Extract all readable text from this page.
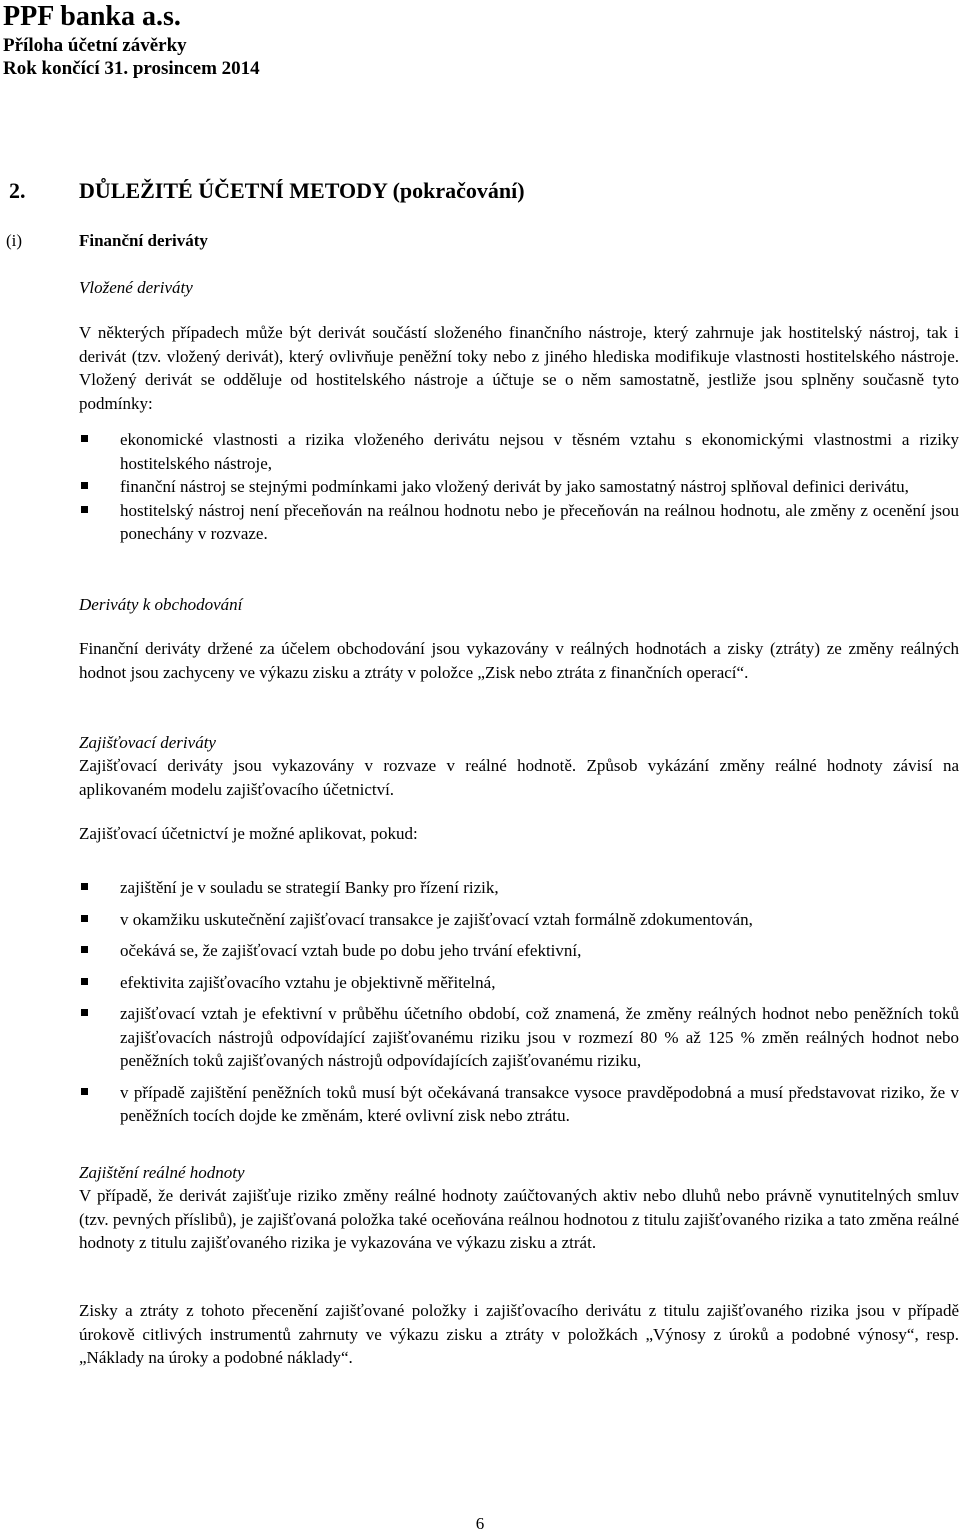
PPF banka a.s.
Příloha účetní závěrky
Rok končící 31. prosincem 2014
2. DŮLEŽITÉ ÚČETNÍ METODY (pokračování)
(i)	Finanční deriváty
Vložené deriváty

V některých případech může být derivát součástí složeného finančního nástroje, který zahrnuje jak hostitelský nástroj, tak i derivát (tzv. vložený derivát), který ovlivňuje peněžní toky nebo z jiného hlediska modifikuje vlastnosti hostitelského nástroje. Vložený derivát se odděluje od hostitelského nástroje a účtuje se o něm samostatně, jestliže jsou splněny současně tyto podmínky:

ekonomické vlastnosti a rizika vloženého derivátu nejsou v těsném vztahu s ekonomickými vlastnostmi a riziky hostitelského nástroje,
finanční nástroj se stejnými podmínkami jako vložený derivát by jako samostatný nástroj splňoval definici derivátu,
hostitelský nástroj není přeceňován na reálnou hodnotu nebo je přeceňován na reálnou hodnotu, ale změny z ocenění jsou ponechány v rozvaze.
Deriváty k obchodování

Finanční deriváty držené za účelem obchodování jsou vykazovány v reálných hodnotách a zisky (ztráty) ze změny reálných hodnot jsou zachyceny ve výkazu zisku a ztráty v položce „Zisk nebo ztráta z finančních operací“.

Zajišťovací deriváty

Zajišťovací deriváty jsou vykazovány v rozvaze v reálné hodnotě. Způsob vykázání změny reálné hodnoty závisí na aplikovaném modelu zajišťovacího účetnictví.

Zajišťovací účetnictví je možné aplikovat, pokud:
zajištění je v souladu se strategií Banky pro řízení rizik,
v okamžiku uskutečnění zajišťovací transakce je zajišťovací vztah formálně zdokumentován,
očekává se, že zajišťovací vztah bude po dobu jeho trvání efektivní,
efektivita zajišťovacího vztahu je objektivně měřitelná,
zajišťovací vztah je efektivní v průběhu účetního období, což znamená, že změny reálných hodnot nebo peněžních toků zajišťovacích nástrojů odpovídající zajišťovanému riziku jsou v rozmezí 80 % až 125 % změn reálných hodnot nebo peněžních toků zajišťovaných nástrojů odpovídajících zajišťovanému riziku,
v případě zajištění peněžních toků musí být očekávaná transakce vysoce pravděpodobná a musí představovat riziko, že v peněžních tocích dojde ke změnám, které ovlivní zisk nebo ztrátu.
Zajištění reálné hodnoty

V případě, že derivát zajišťuje riziko změny reálné hodnoty zaúčtovaných aktiv nebo dluhů nebo právně vynutitelných smluv (tzv. pevných příslibů), je zajišťovaná položka také oceňována reálnou hodnotou z titulu zajišťovaného rizika a tato změna reálné hodnoty z titulu zajišťovaného rizika je vykazována ve výkazu zisku a ztrát.

Zisky a ztráty z tohoto přecenění zajišťované položky i zajišťovacího derivátu z titulu zajišťovaného rizika jsou v případě úrokově citlivých instrumentů zahrnuty ve výkazu zisku a ztráty v položkách „Výnosy z úroků a podobné výnosy“, resp. „Náklady na úroky a podobné náklady“.

6
